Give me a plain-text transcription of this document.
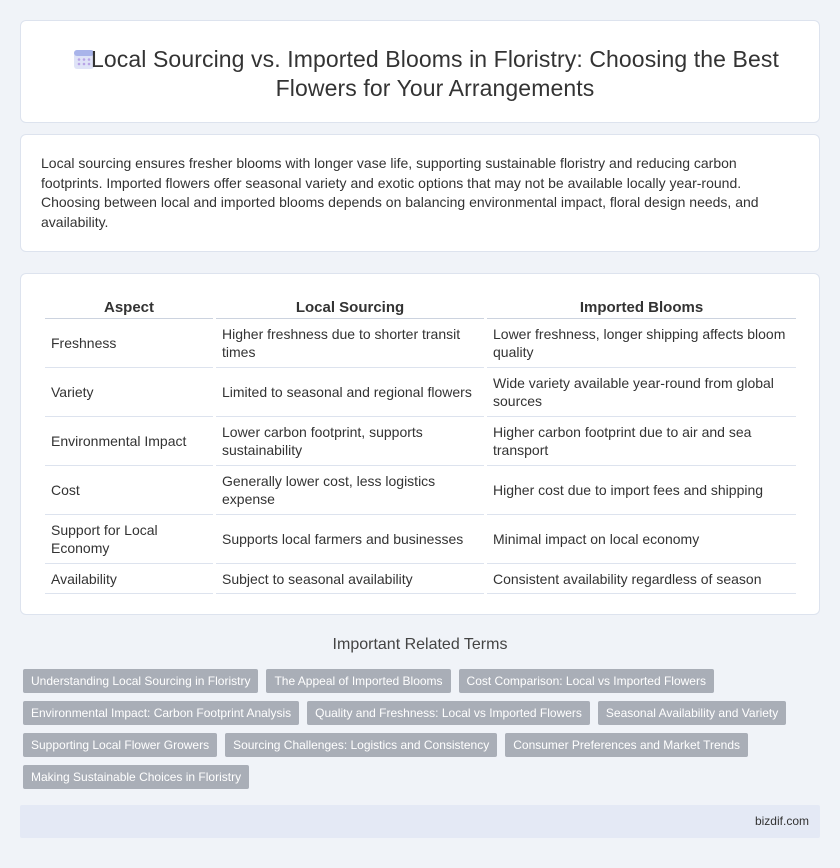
Local Sourcing vs. Imported Blooms in Floristry: Choosing the Best Flowers for Your Arrangements

Local sourcing ensures fresher blooms with longer vase life, supporting sustainable floristry and reducing carbon footprints. Imported flowers offer seasonal variety and exotic options that may not be available locally year-round. Choosing between local and imported blooms depends on balancing environmental impact, floral design needs, and availability.

Aspect	Local Sourcing	Imported Blooms
Freshness	Higher freshness due to shorter transit times	Lower freshness, longer shipping affects bloom quality
Variety	Limited to seasonal and regional flowers	Wide variety available year-round from global sources
Environmental Impact	Lower carbon footprint, supports sustainability	Higher carbon footprint due to air and sea transport
Cost	Generally lower cost, less logistics expense	Higher cost due to import fees and shipping
Support for Local Economy	Supports local farmers and businesses	Minimal impact on local economy
Availability	Subject to seasonal availability	Consistent availability regardless of season
Important Related Terms
Understanding Local Sourcing in Floristry	The Appeal of Imported Blooms	Cost Comparison: Local vs Imported Flowers
Environmental Impact: Carbon Footprint Analysis	Quality and Freshness: Local vs Imported Flowers	Seasonal Availability and Variety
Supporting Local Flower Growers	Sourcing Challenges: Logistics and Consistency	Consumer Preferences and Market Trends
Making Sustainable Choices in Floristry
bizdif.com
